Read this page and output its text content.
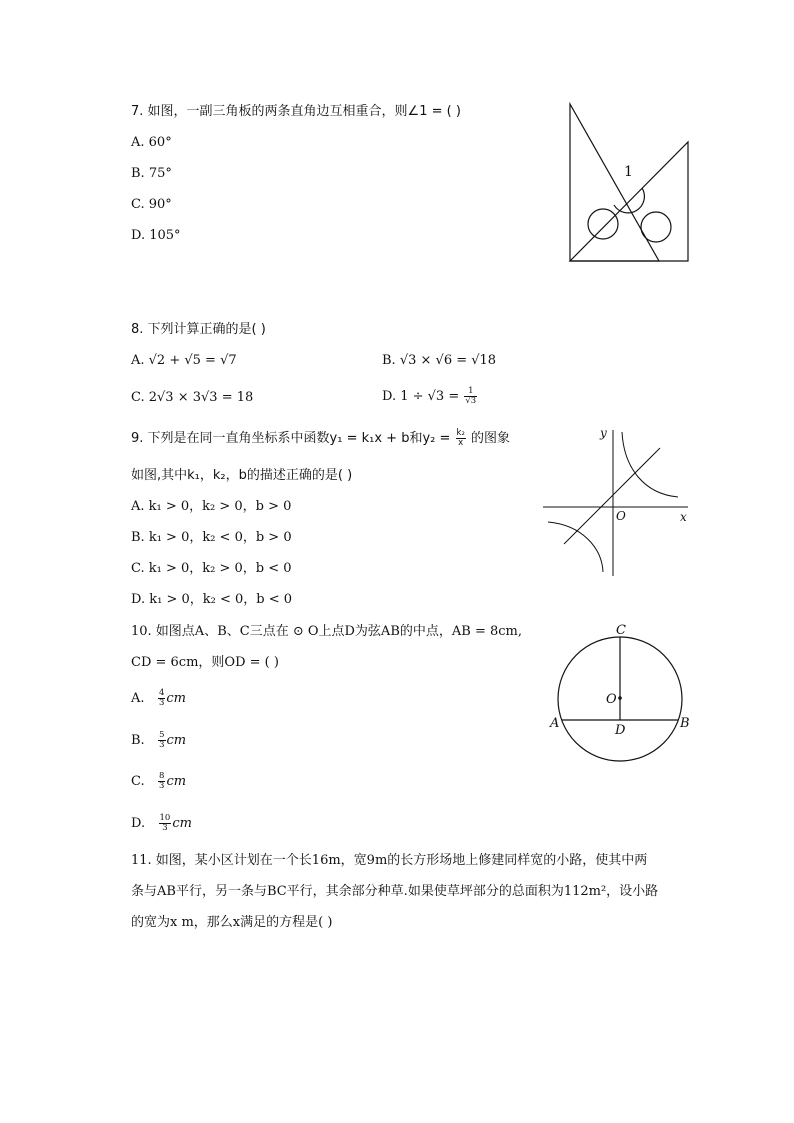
7. 如图，一副三角板的两条直角边互相重合，则∠1 = ( )
A. 60°
B. 75°
C. 90°
D. 105°
1
8. 下列计算正确的是( )
A. √2 + √5 = √7	B. √3 × √6 = √18
C. 2√3 × 3√3 = 18	D. $1 \div √3 = \frac{1}{√3}$
9. 下列是在同一直角坐标系中函数y₁ = k₁x + b和$y_2 = \frac{\text{k₂}}{x}$ 的图象
如图,其中k₁，k₂，b的描述正确的是( )
A. k₁ > 0，k₂ > 0，b > 0
B. k₁ > 0，k₂ < 0，b > 0
C. k₁ > 0，k₂ > 0，b < 0
D. k₁ > 0，k₂ < 0，b < 0
y
x
O
10. 如图点A、B、C三点在 ⊙ O上点D为弦AB的中点，AB = 8cm,
CD = 6cm，则OD = ( )
A. $\frac{4}{3}$ cm
B. $\frac{5}{3}$ cm
C. $\frac{8}{3}$ cm
D. $\frac{10}{3}$ cm
C
O
A	D	B
11. 如图，某小区计划在一个长16m，宽9m的长方形场地上修建同样宽的小路，使其中两
条与AB平行，另一条与BC平行，其余部分种草.如果使草坪部分的总面积为112m²，设小路
的宽为x m，那么x满足的方程是( )
